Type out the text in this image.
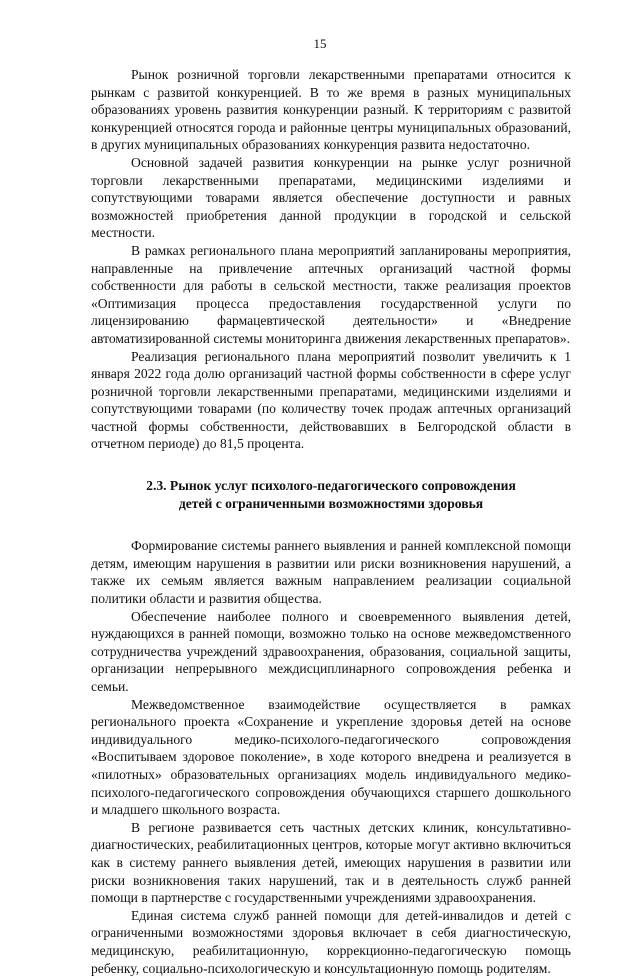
15

Рынок розничной торговли лекарственными препаратами относится к рынкам с развитой конкуренцией. В то же время в разных муниципальных образованиях уровень развития конкуренции разный. К территориям с развитой конкуренцией относятся города и районные центры муниципальных образований, в других муниципальных образованиях конкуренция развита недостаточно.

Основной задачей развития конкуренции на рынке услуг розничной торговли лекарственными препаратами, медицинскими изделиями и сопутствующими товарами является обеспечение доступности и равных возможностей приобретения данной продукции в городской и сельской местности.

В рамках регионального плана мероприятий запланированы мероприятия, направленные на привлечение аптечных организаций частной формы собственности для работы в сельской местности, также реализация проектов «Оптимизация процесса предоставления государственной услуги по лицензированию фармацевтической деятельности» и «Внедрение автоматизированной системы мониторинга движения лекарственных препаратов».

Реализация регионального плана мероприятий позволит увеличить к 1 января 2022 года долю организаций частной формы собственности в сфере услуг розничной торговли лекарственными препаратами, медицинскими изделиями и сопутствующими товарами (по количеству точек продаж аптечных организаций частной формы собственности, действовавших в Белгородской области в отчетном периоде) до 81,5 процента.

2.3. Рынок услуг психолого-педагогического сопровождения
детей с ограниченными возможностями здоровья

Формирование системы раннего выявления и ранней комплексной помощи детям, имеющим нарушения в развитии или риски возникновения нарушений, а также их семьям является важным направлением реализации социальной политики области и развития общества.

Обеспечение наиболее полного и своевременного выявления детей, нуждающихся в ранней помощи, возможно только на основе межведомственного сотрудничества учреждений здравоохранения, образования, социальной защиты, организации непрерывного междисциплинарного сопровождения ребенка и семьи.

Межведомственное взаимодействие осуществляется в рамках регионального проекта «Сохранение и укрепление здоровья детей на основе индивидуального медико-психолого-педагогического сопровождения «Воспитываем здоровое поколение», в ходе которого внедрена и реализуется в «пилотных» образовательных организациях модель индивидуального медико-психолого-педагогического сопровождения обучающихся старшего дошкольного и младшего школьного возраста.

В регионе развивается сеть частных детских клиник, консультативно-диагностических, реабилитационных центров, которые могут активно включиться как в систему раннего выявления детей, имеющих нарушения в развитии или риски возникновения таких нарушений, так и в деятельность служб ранней помощи в партнерстве с государственными учреждениями здравоохранения.

Единая система служб ранней помощи для детей-инвалидов и детей с ограниченными возможностями здоровья включает в себя диагностическую, медицинскую, реабилитационную, коррекционно-педагогическую помощь ребенку, социально-психологическую и консультационную помощь родителям.
